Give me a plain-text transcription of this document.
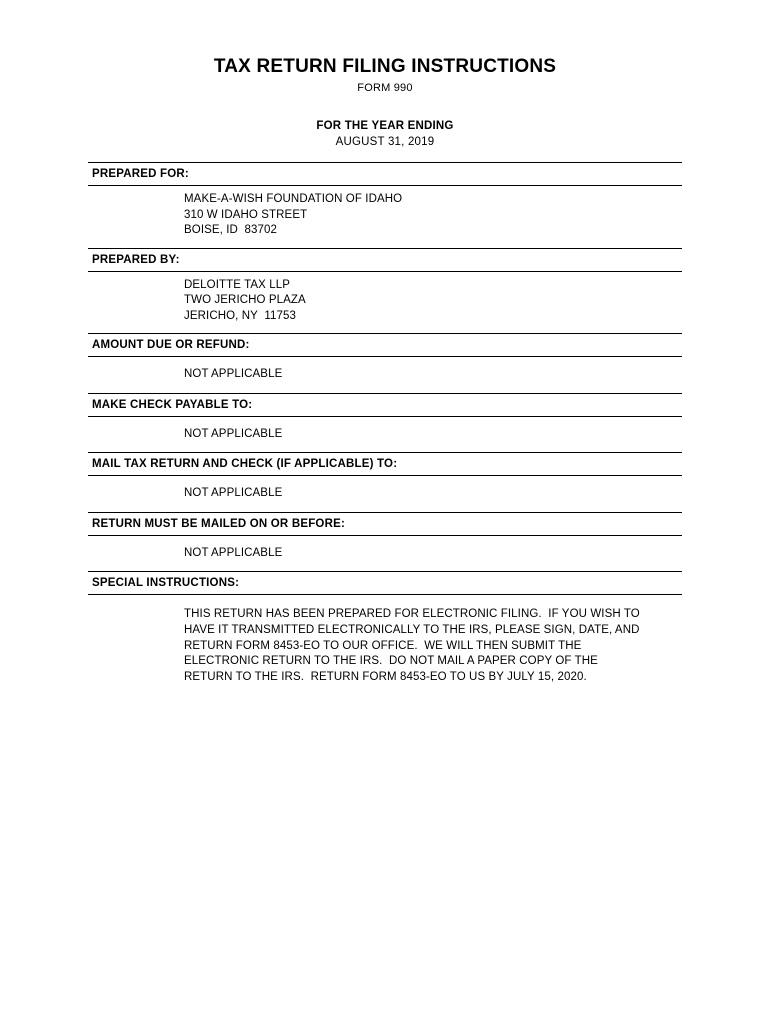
TAX RETURN FILING INSTRUCTIONS
FORM 990
FOR THE YEAR ENDING
AUGUST 31, 2019
PREPARED FOR:
MAKE-A-WISH FOUNDATION OF IDAHO
310 W IDAHO STREET
BOISE, ID  83702
PREPARED BY:
DELOITTE TAX LLP
TWO JERICHO PLAZA
JERICHO, NY  11753
AMOUNT DUE OR REFUND:
NOT APPLICABLE
MAKE CHECK PAYABLE TO:
NOT APPLICABLE
MAIL TAX RETURN AND CHECK (IF APPLICABLE) TO:
NOT APPLICABLE
RETURN MUST BE MAILED ON OR BEFORE:
NOT APPLICABLE
SPECIAL INSTRUCTIONS:
THIS RETURN HAS BEEN PREPARED FOR ELECTRONIC FILING.  IF YOU WISH TO
HAVE IT TRANSMITTED ELECTRONICALLY TO THE IRS, PLEASE SIGN, DATE, AND
RETURN FORM 8453-EO TO OUR OFFICE.  WE WILL THEN SUBMIT THE
ELECTRONIC RETURN TO THE IRS.  DO NOT MAIL A PAPER COPY OF THE
RETURN TO THE IRS.  RETURN FORM 8453-EO TO US BY JULY 15, 2020.
